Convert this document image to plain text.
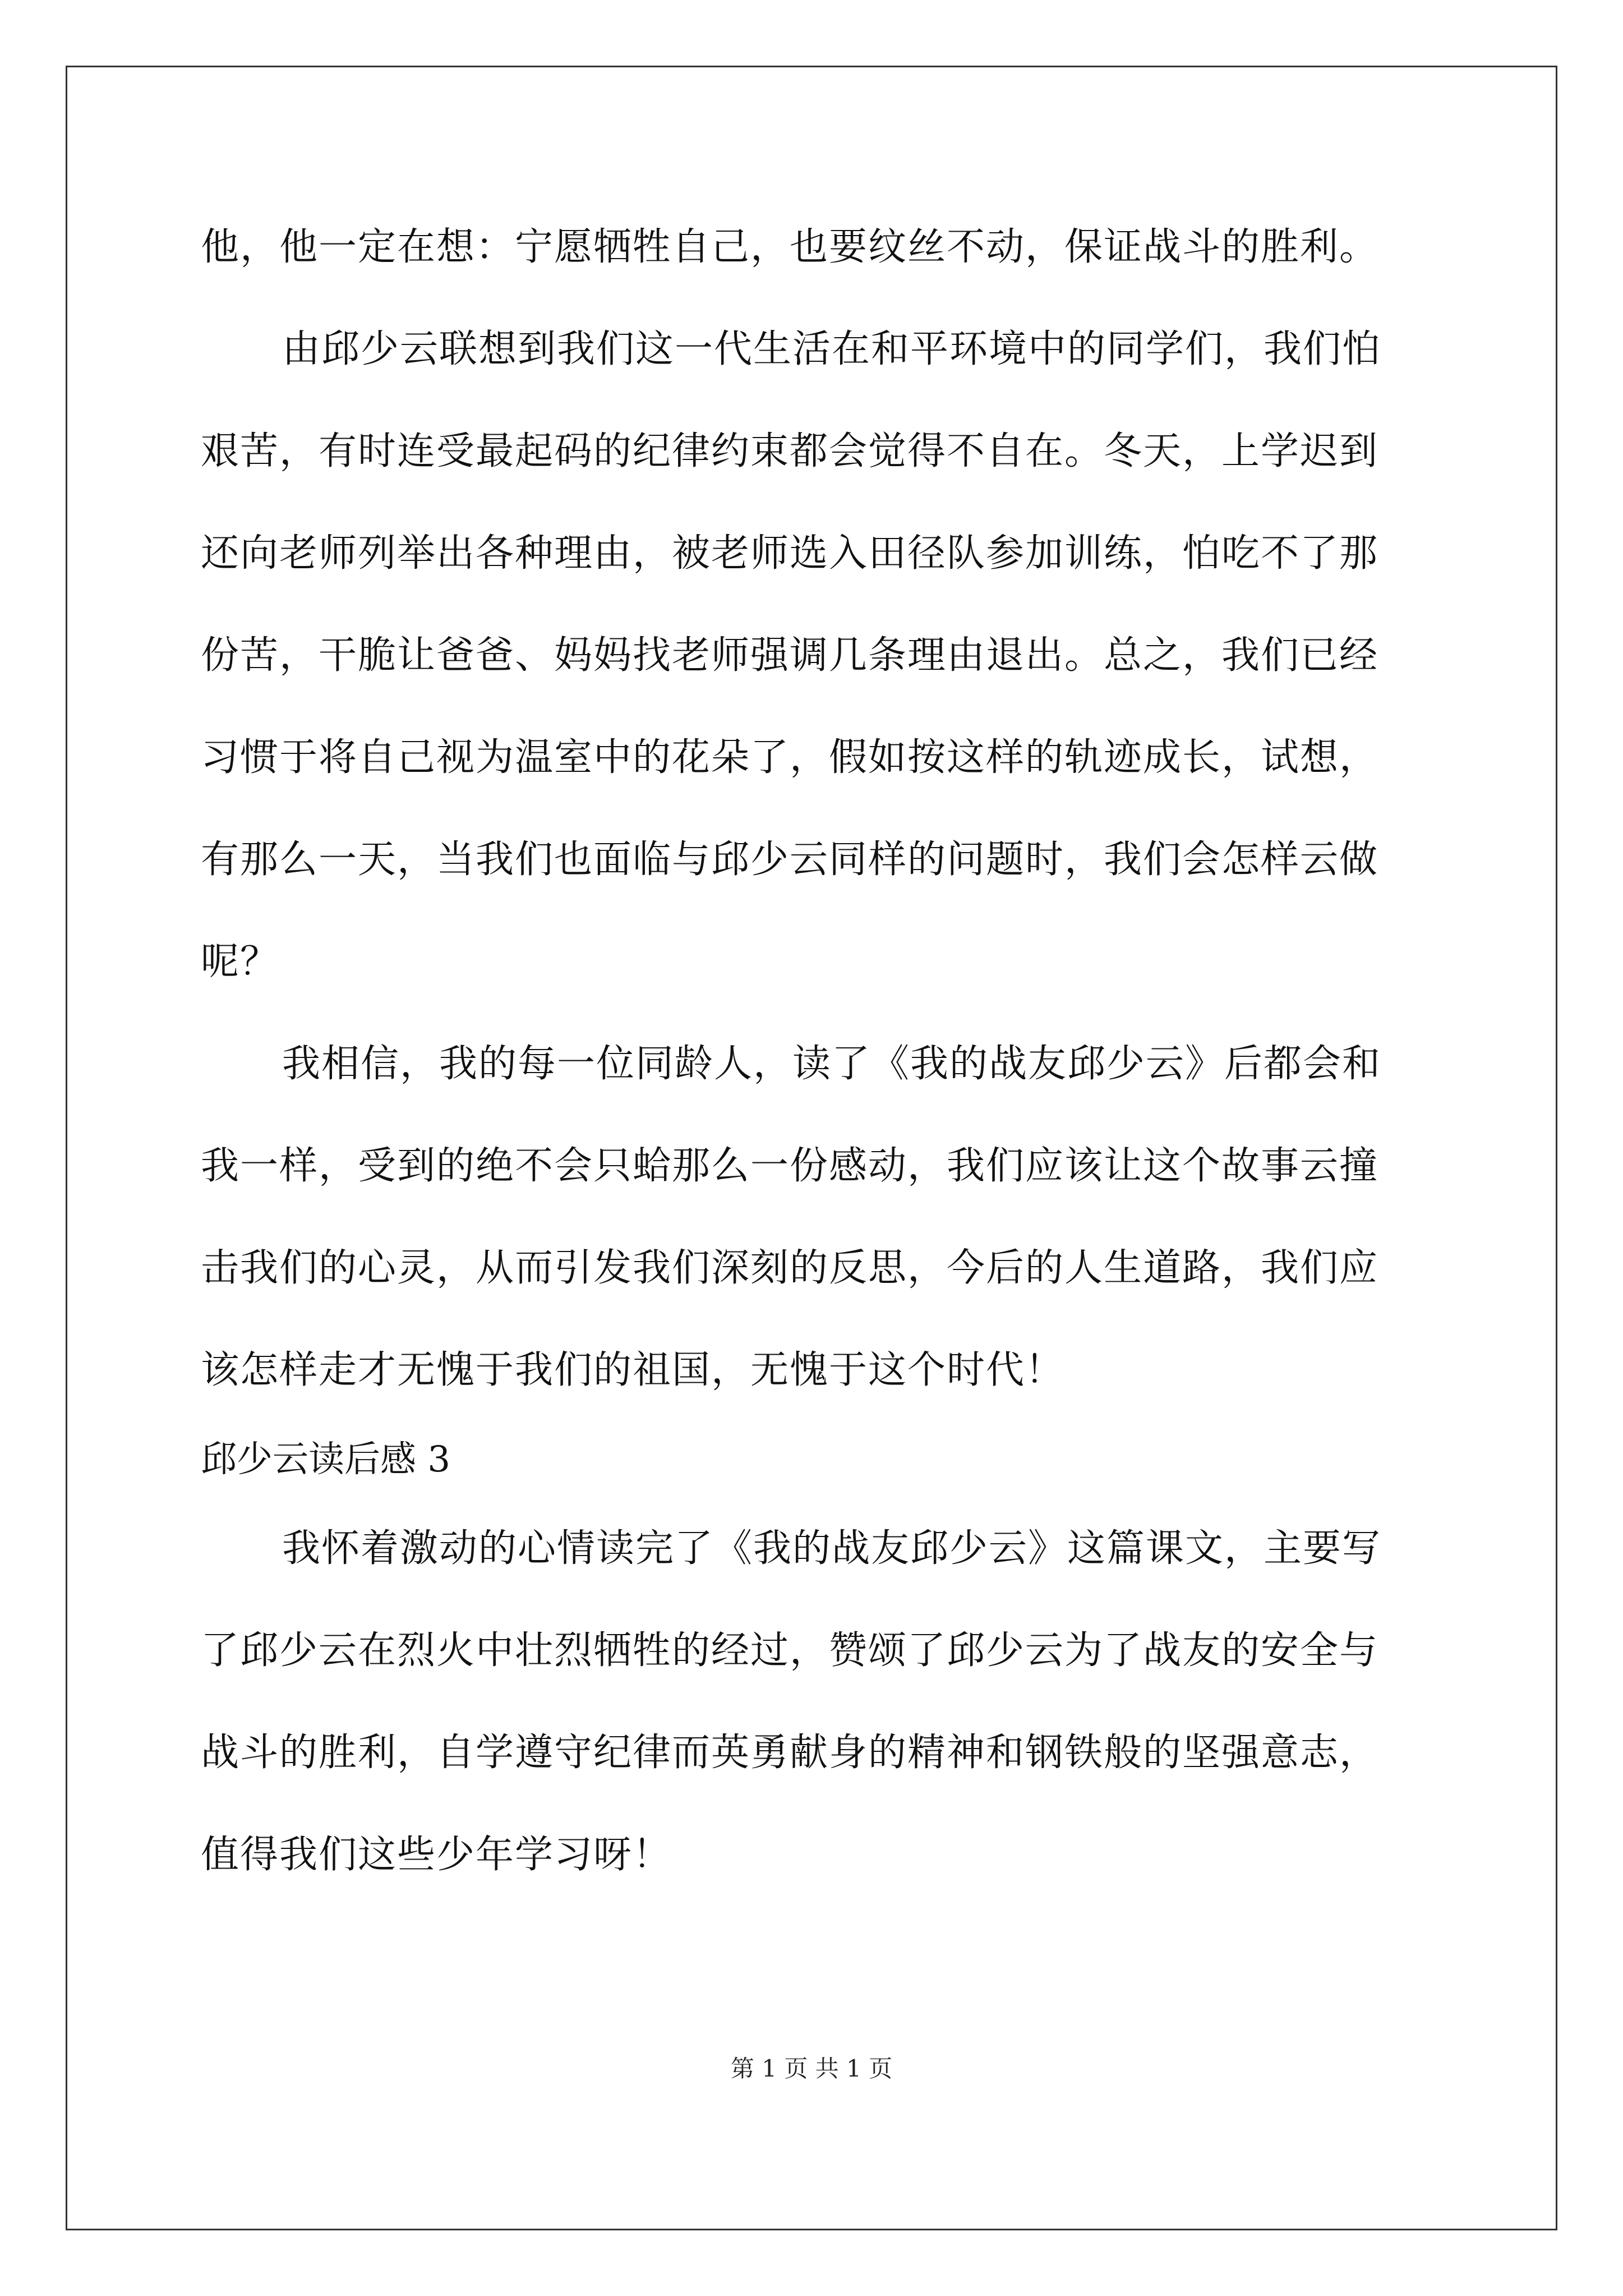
他，他一定在想：宁愿牺牲自己，也要纹丝不动，保证战斗的胜利。
由邱少云联想到我们这一代生活在和平环境中的同学们，我们怕
艰苦，有时连受最起码的纪律约束都会觉得不自在。冬天，上学迟到
还向老师列举出各种理由，被老师选入田径队参加训练，怕吃不了那
份苦，干脆让爸爸、妈妈找老师强调几条理由退出。总之，我们已经
习惯于将自己视为温室中的花朵了，假如按这样的轨迹成长，试想，
有那么一天，当我们也面临与邱少云同样的问题时，我们会怎样云做
呢？
我相信，我的每一位同龄人，读了《我的战友邱少云》后都会和
我一样，受到的绝不会只蛤那么一份感动，我们应该让这个故事云撞
击我们的心灵，从而引发我们深刻的反思，今后的人生道路，我们应
该怎样走才无愧于我们的祖国，无愧于这个时代！
邱少云读后感 3
我怀着激动的心情读完了《我的战友邱少云》这篇课文，主要写
了邱少云在烈火中壮烈牺牲的经过，赞颂了邱少云为了战友的安全与
战斗的胜利，自学遵守纪律而英勇献身的精神和钢铁般的坚强意志，
值得我们这些少年学习呀！
第 1 页 共 1 页
